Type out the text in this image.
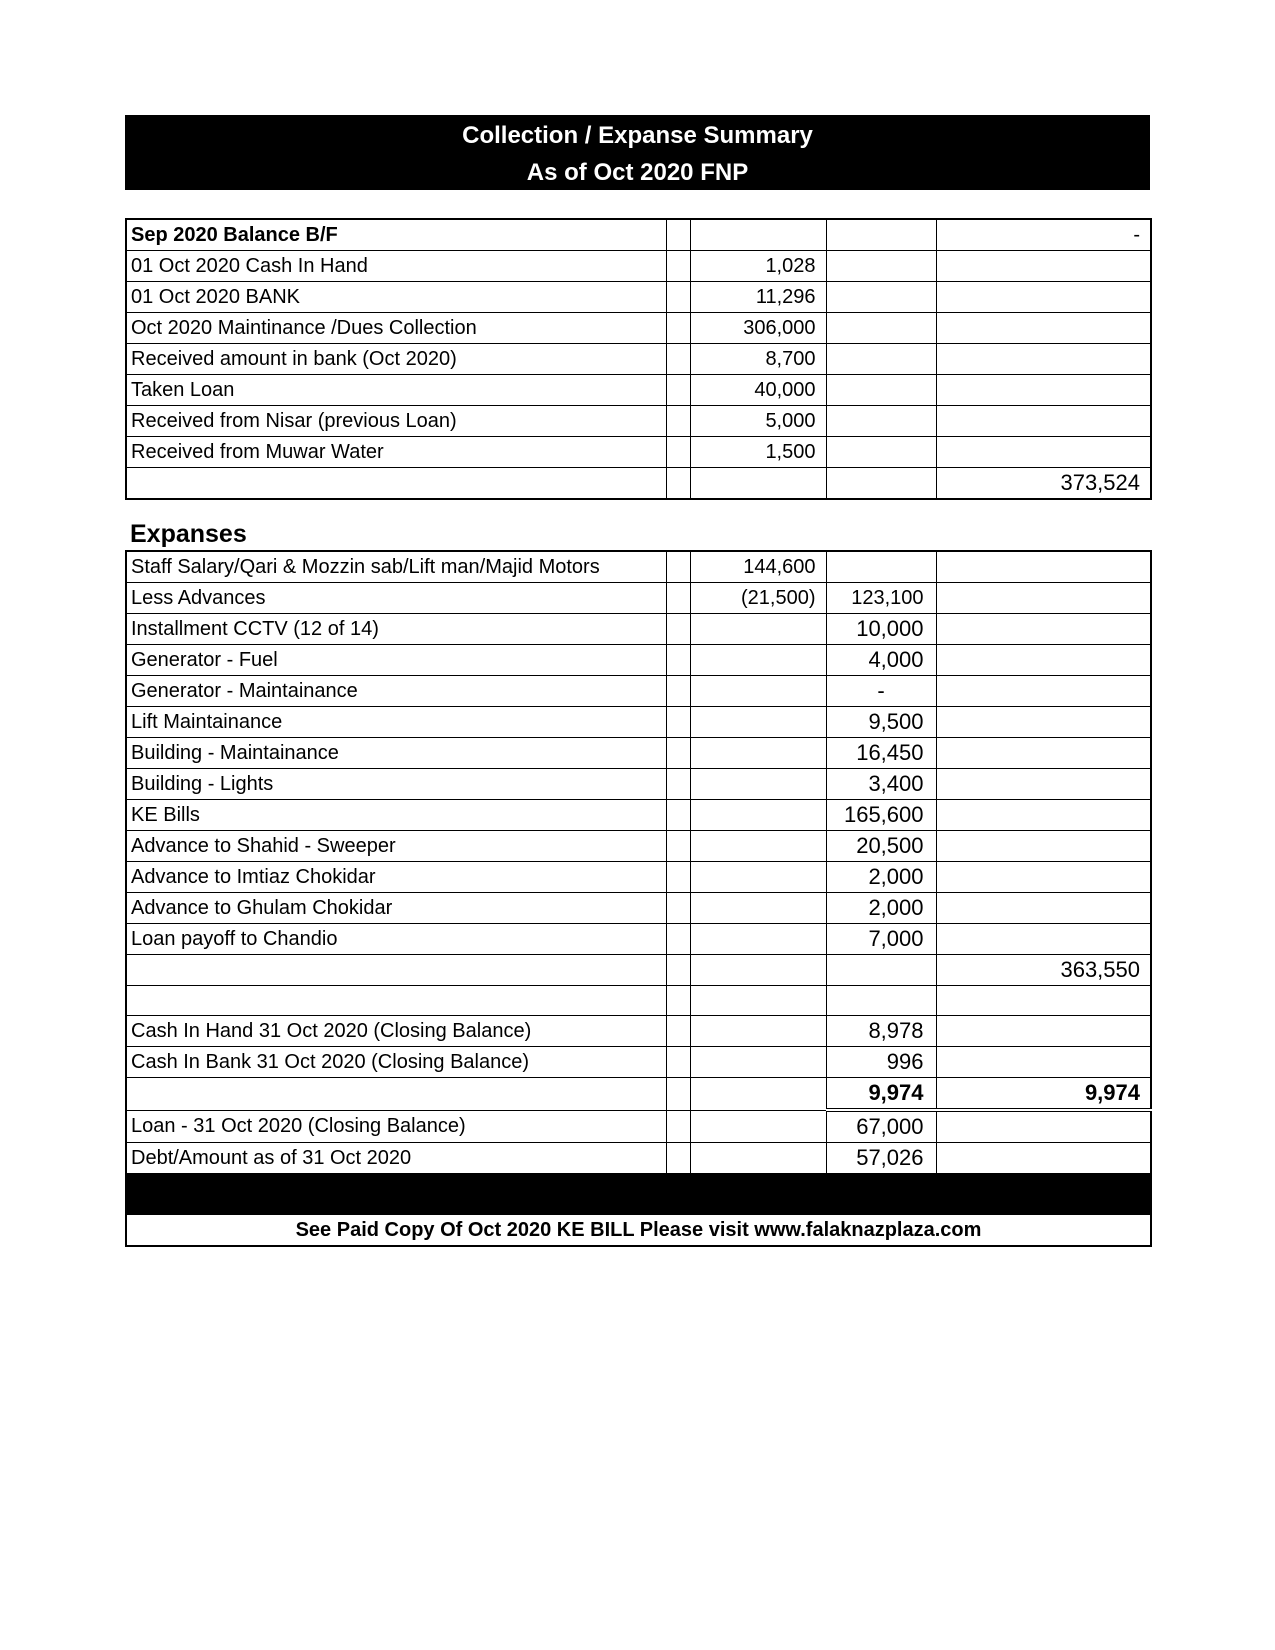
Collection / Expanse Summary
As of Oct 2020 FNP
Sep 2020 Balance B/F				-
01 Oct 2020 Cash In Hand		1,028		
01 Oct 2020 BANK		11,296		
Oct 2020 Maintinance /Dues Collection		306,000		
Received amount in bank (Oct 2020)		8,700		
Taken Loan		40,000		
Received from Nisar (previous Loan)		5,000		
Received from Muwar Water		1,500		
				373,524
Expanses
Staff Salary/Qari & Mozzin sab/Lift man/Majid Motors		144,600		
Less Advances		(21,500)	123,100	
Installment CCTV (12 of 14)			10,000	
Generator - Fuel			4,000	
Generator - Maintainance			-	
Lift Maintainance			9,500	
Building - Maintainance			16,450	
Building - Lights			3,400	
KE Bills			165,600	
Advance to Shahid - Sweeper			20,500	
Advance to Imtiaz Chokidar			2,000	
Advance to Ghulam Chokidar			2,000	
Loan payoff to Chandio			7,000	
				363,550

Cash In Hand 31 Oct 2020 (Closing Balance)			8,978	
Cash In Bank 31 Oct 2020 (Closing Balance)			996	
			9,974	9,974
Loan - 31 Oct 2020 (Closing Balance)			67,000	
Debt/Amount as of 31 Oct 2020			57,026	

See Paid Copy Of Oct 2020 KE BILL Please visit www.falaknazplaza.com				
